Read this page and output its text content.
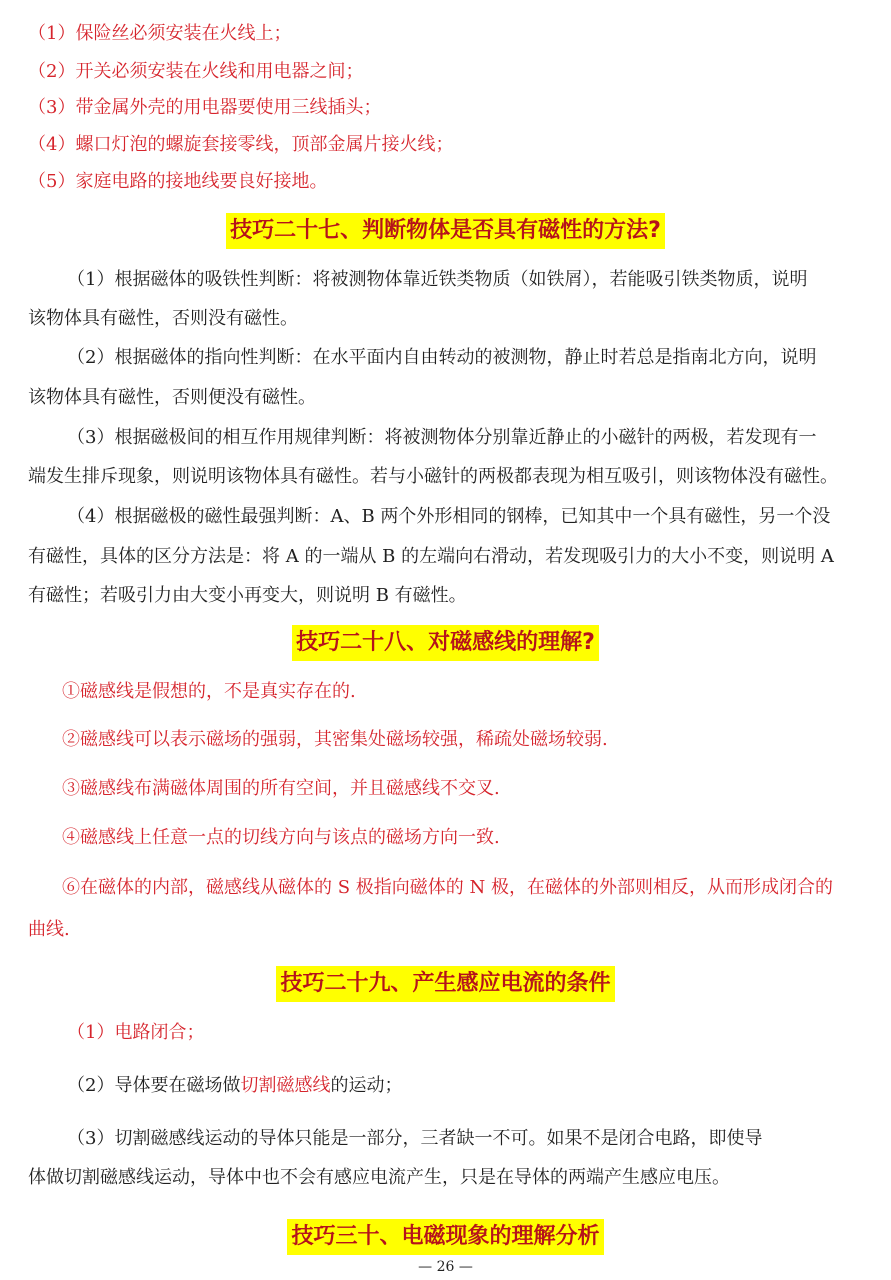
（1）保险丝必须安装在火线上；
（2）开关必须安装在火线和用电器之间；
（3）带金属外壳的用电器要使用三线插头；
（4）螺口灯泡的螺旋套接零线，顶部金属片接火线；
（5）家庭电路的接地线要良好接地。
技巧二十七、判断物体是否具有磁性的方法?
（1）根据磁体的吸铁性判断：将被测物体靠近铁类物质（如铁屑），若能吸引铁类物质，说明
该物体具有磁性，否则没有磁性。
（2）根据磁体的指向性判断：在水平面内自由转动的被测物，静止时若总是指南北方向，说明
该物体具有磁性，否则便没有磁性。
（3）根据磁极间的相互作用规律判断：将被测物体分别靠近静止的小磁针的两极，若发现有一
端发生排斥现象，则说明该物体具有磁性。若与小磁针的两极都表现为相互吸引，则该物体没有磁性。
（4）根据磁极的磁性最强判断：A、B 两个外形相同的钢棒，已知其中一个具有磁性，另一个没
有磁性，具体的区分方法是：将 A 的一端从 B 的左端向右滑动，若发现吸引力的大小不变，则说明 A
有磁性；若吸引力由大变小再变大，则说明 B 有磁性。
技巧二十八、对磁感线的理解?
①磁感线是假想的，不是真实存在的.
②磁感线可以表示磁场的强弱，其密集处磁场较强，稀疏处磁场较弱.
③磁感线布满磁体周围的所有空间，并且磁感线不交叉.
④磁感线上任意一点的切线方向与该点的磁场方向一致.
⑥在磁体的内部，磁感线从磁体的 S 极指向磁体的 N 极，在磁体的外部则相反，从而形成闭合的
曲线.
技巧二十九、产生感应电流的条件
（1）电路闭合；
（2）导体要在磁场做切割磁感线的运动；
（3）切割磁感线运动的导体只能是一部分，三者缺一不可。如果不是闭合电路，即使导
体做切割磁感线运动，导体中也不会有感应电流产生，只是在导体的两端产生感应电压。
技巧三十、电磁现象的理解分析
— 26 —
